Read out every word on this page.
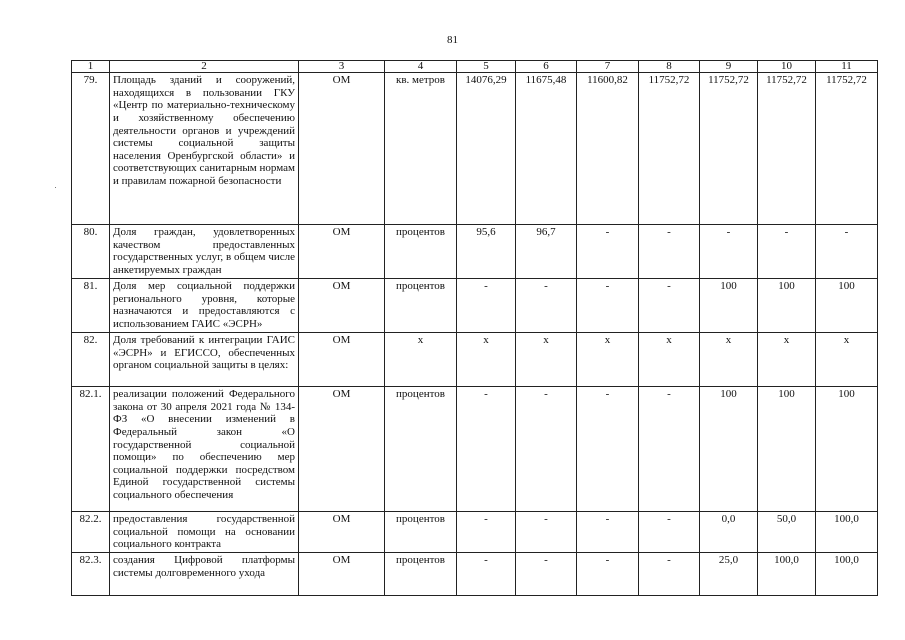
81
1	2	3	4	5	6	7	8	9	10	11
79.	Площадь зданий и сооружений, находящихся в пользовании ГКУ «Центр по материально-техническому и хозяйственному обеспечению деятельности органов и учреждений системы социальной защиты населения Оренбургской области» и соответствующих санитарным нормам и правилам пожарной безопасности	ОМ	кв. метров	14076,29	11675,48	11600,82	11752,72	11752,72	11752,72	11752,72
80.	Доля граждан, удовлетворенных качеством предоставленных государственных услуг, в общем числе анкетируемых граждан	ОМ	процентов	95,6	96,7	-	-	-	-	-
81.	Доля мер социальной поддержки регионального уровня, которые назначаются и предоставляются с использованием ГАИС «ЭСРН»	ОМ	процентов	-	-	-	-	100	100	100
82.	Доля требований к интеграции ГАИС «ЭСРН» и ЕГИССО, обеспеченных органом социальной защиты в целях:	ОМ	х	х	х	х	х	х	х	х
82.1.	реализации положений Федерального закона от 30 апреля 2021 года № 134-ФЗ «О внесении изменений в Федеральный закон «О государственной социальной помощи» по обеспечению мер социальной поддержки посредством Единой государственной системы социального обеспечения	ОМ	процентов	-	-	-	-	100	100	100
82.2.	предоставления государственной социальной помощи на основании социального контракта	ОМ	процентов	-	-	-	-	0,0	50,0	100,0
82.3.	создания Цифровой платформы системы долговременного ухода	ОМ	процентов	-	-	-	-	25,0	100,0	100,0
